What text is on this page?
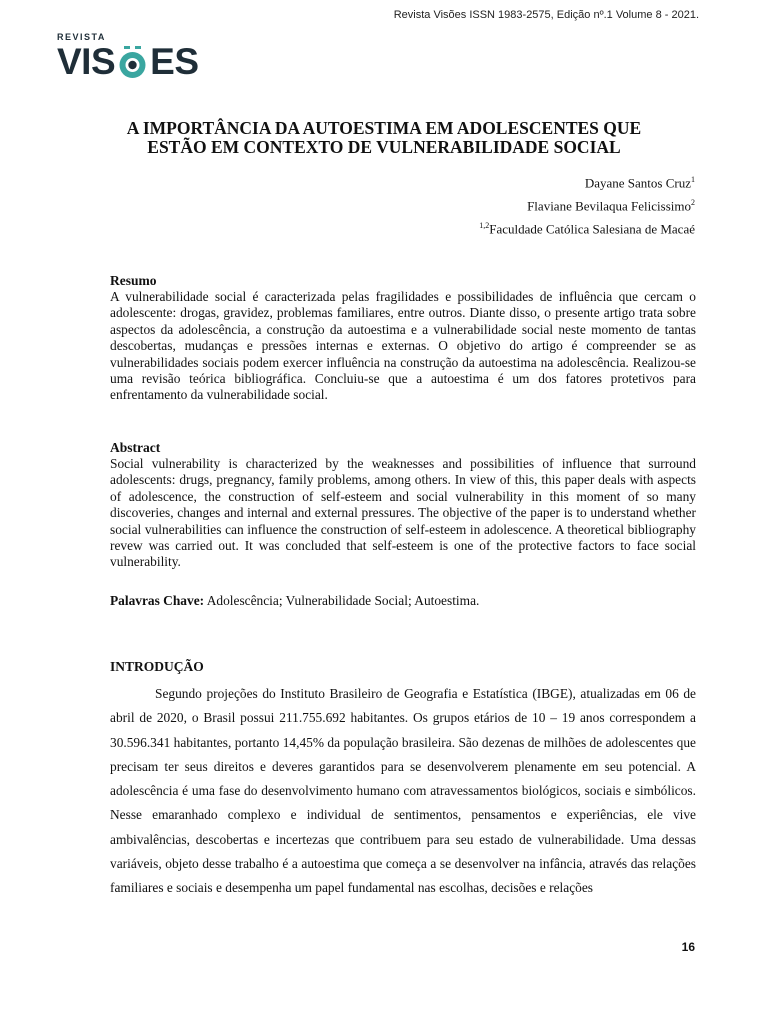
Revista Visões ISSN 1983-2575, Edição nº.1 Volume 8 - 2021.
REVISTA
VIS ES
A IMPORTÂNCIA DA AUTOESTIMA EM ADOLESCENTES QUE ESTÃO EM CONTEXTO DE VULNERABILIDADE SOCIAL
Dayane Santos Cruz$^1$
Flaviane Bevilaqua Felicissimo$^2$
$^{1,2}$Faculdade Católica Salesiana de Macaé
Resumo
A vulnerabilidade social é caracterizada pelas fragilidades e possibilidades de influência que cercam o adolescente: drogas, gravidez, problemas familiares, entre outros. Diante disso, o presente artigo trata sobre aspectos da adolescência, a construção da autoestima e a vulnerabilidade social neste momento de tantas descobertas, mudanças e pressões internas e externas. O objetivo do artigo é compreender se as vulnerabilidades sociais podem exercer influência na construção da autoestima na adolescência. Realizou-se uma revisão teórica bibliográfica. Concluiu-se que a autoestima é um dos fatores protetivos para enfrentamento da vulnerabilidade social.
Abstract
Social vulnerability is characterized by the weaknesses and possibilities of influence that surround adolescents: drugs, pregnancy, family problems, among others. In view of this, this paper deals with aspects of adolescence, the construction of self-esteem and social vulnerability in this moment of so many discoveries, changes and internal and external pressures. The objective of the paper is to understand whether social vulnerabilities can influence the construction of self-esteem in adolescence. A theoretical bibliography revew was carried out. It was concluded that self-esteem is one of the protective factors to face social vulnerability.
Palavras Chave: Adolescência; Vulnerabilidade Social; Autoestima.
INTRODUÇÃO
Segundo projeções do Instituto Brasileiro de Geografia e Estatística (IBGE), atualizadas em 06 de abril de 2020, o Brasil possui 211.755.692 habitantes. Os grupos etários de 10 – 19 anos correspondem a 30.596.341 habitantes, portanto 14,45% da população brasileira. São dezenas de milhões de adolescentes que precisam ter seus direitos e deveres garantidos para se desenvolverem plenamente em seu potencial. A adolescência é uma fase do desenvolvimento humano com atravessamentos biológicos, sociais e simbólicos. Nesse emaranhado complexo e individual de sentimentos, pensamentos e experiências, ele vive ambivalências, descobertas e incertezas que contribuem para seu estado de vulnerabilidade. Uma dessas variáveis, objeto desse trabalho é a autoestima que começa a se desenvolver na infância, através das relações familiares e sociais e desempenha um papel fundamental nas escolhas, decisões e relações
16
